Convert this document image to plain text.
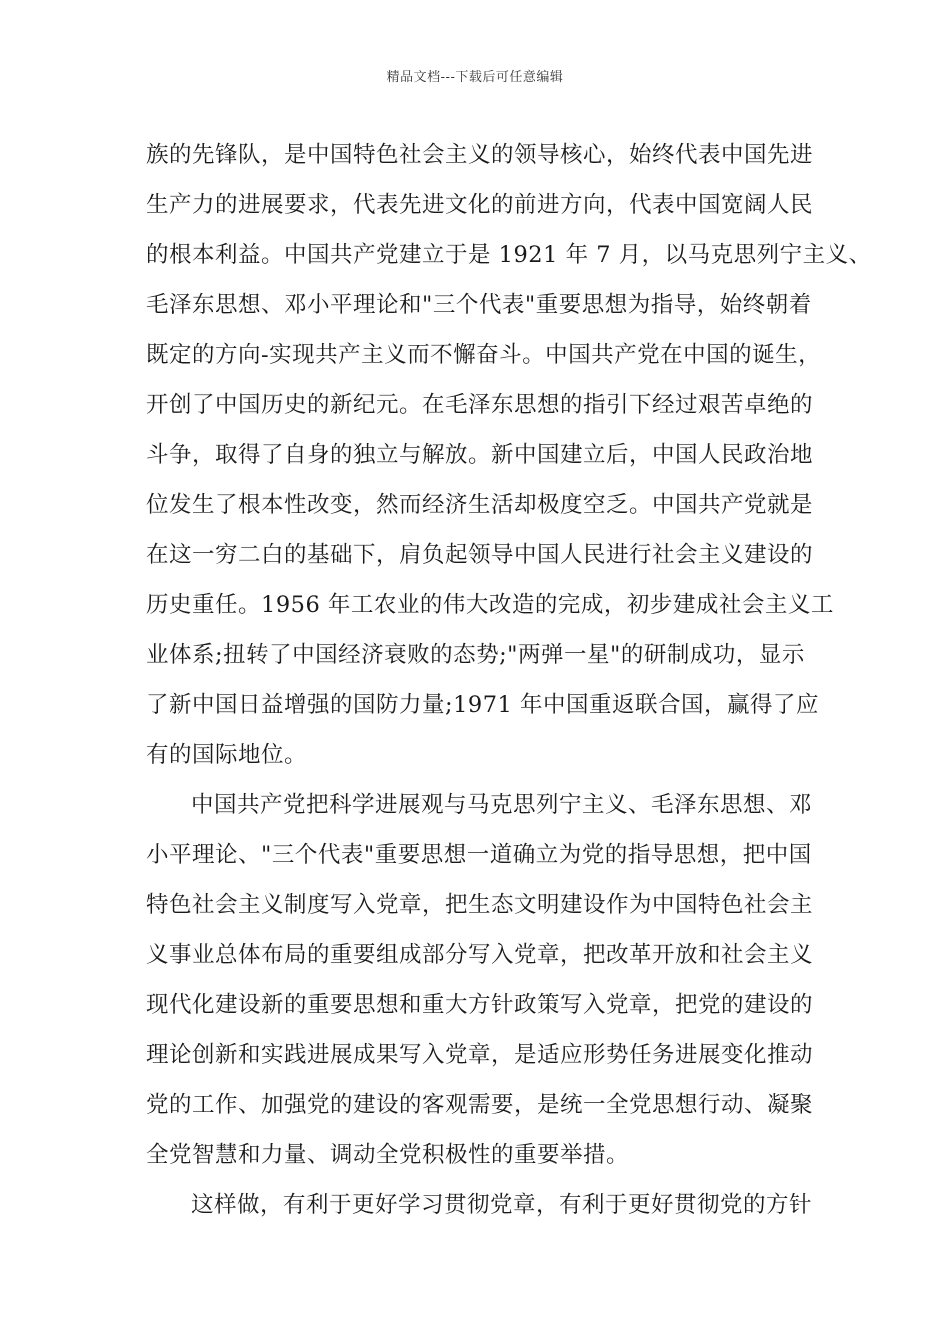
精品文档---下载后可任意编辑
族的先锋队，是中国特色社会主义的领导核心，始终代表中国先进
生产力的进展要求，代表先进文化的前进方向，代表中国宽阔人民
的根本利益。中国共产党建立于是 1921 年 7 月，以马克思列宁主义、
毛泽东思想、邓小平理论和"三个代表"重要思想为指导，始终朝着
既定的方向-实现共产主义而不懈奋斗。中国共产党在中国的诞生，
开创了中国历史的新纪元。在毛泽东思想的指引下经过艰苦卓绝的
斗争，取得了自身的独立与解放。新中国建立后，中国人民政治地
位发生了根本性改变，然而经济生活却极度空乏。中国共产党就是
在这一穷二白的基础下，肩负起领导中国人民进行社会主义建设的
历史重任。1956 年工农业的伟大改造的完成，初步建成社会主义工
业体系;扭转了中国经济衰败的态势;"两弹一星"的研制成功，显示
了新中国日益增强的国防力量;1971 年中国重返联合国，赢得了应
有的国际地位。
中国共产党把科学进展观与马克思列宁主义、毛泽东思想、邓
小平理论、"三个代表"重要思想一道确立为党的指导思想，把中国
特色社会主义制度写入党章，把生态文明建设作为中国特色社会主
义事业总体布局的重要组成部分写入党章，把改革开放和社会主义
现代化建设新的重要思想和重大方针政策写入党章，把党的建设的
理论创新和实践进展成果写入党章，是适应形势任务进展变化推动
党的工作、加强党的建设的客观需要，是统一全党思想行动、凝聚
全党智慧和力量、调动全党积极性的重要举措。
这样做，有利于更好学习贯彻党章，有利于更好贯彻党的方针
